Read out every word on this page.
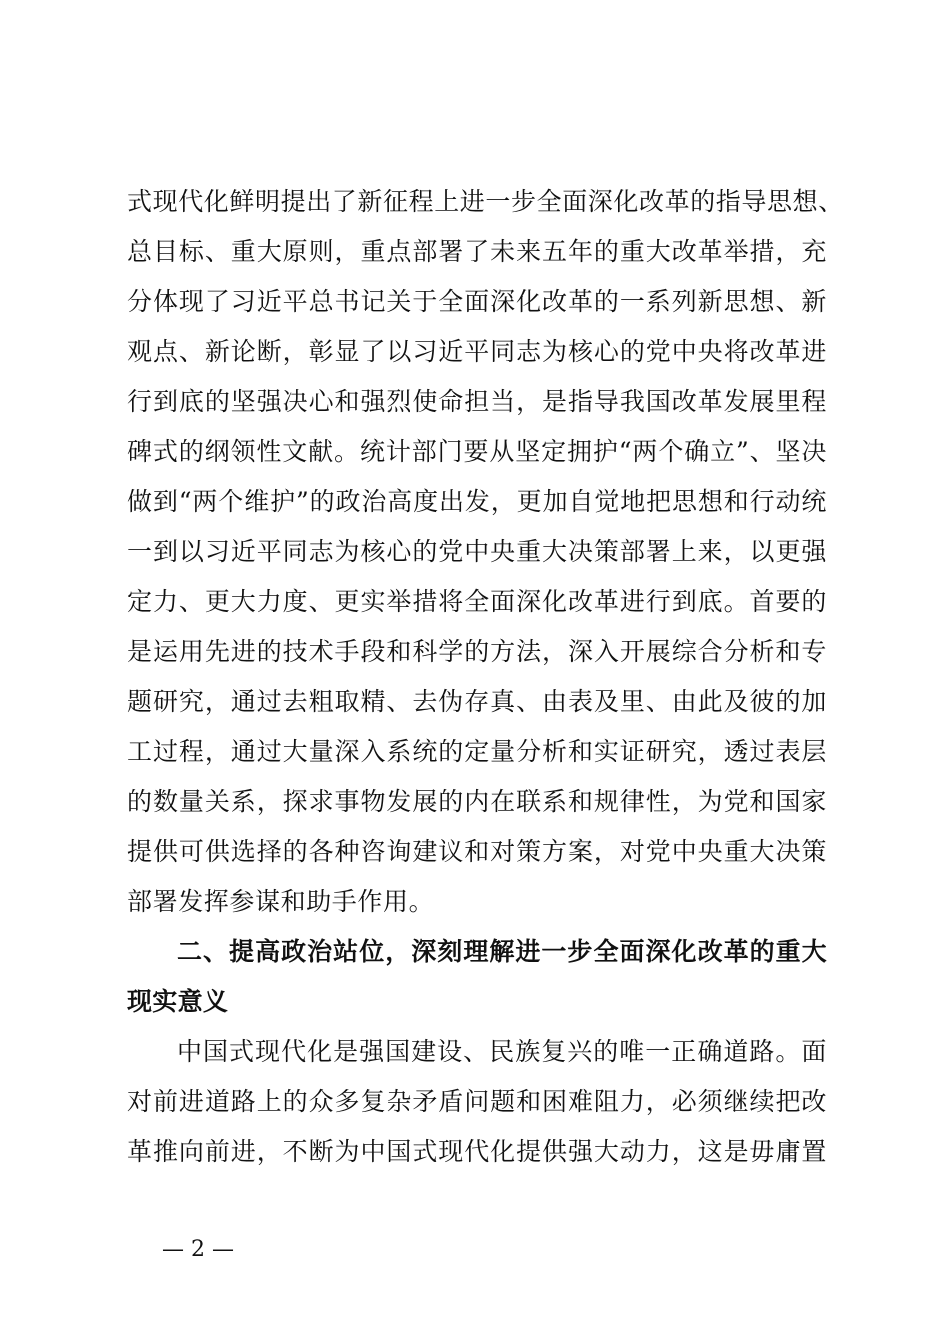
式现代化鲜明提出了新征程上进一步全面深化改革的指导思想、
总目标、重大原则，重点部署了未来五年的重大改革举措，充
分体现了习近平总书记关于全面深化改革的一系列新思想、新
观点、新论断，彰显了以习近平同志为核心的党中央将改革进
行到底的坚强决心和强烈使命担当，是指导我国改革发展里程
碑式的纲领性文献。统计部门要从坚定拥护“两个确立”、坚决
做到“两个维护”的政治高度出发，更加自觉地把思想和行动统
一到以习近平同志为核心的党中央重大决策部署上来，以更强
定力、更大力度、更实举措将全面深化改革进行到底。首要的
是运用先进的技术手段和科学的方法，深入开展综合分析和专
题研究，通过去粗取精、去伪存真、由表及里、由此及彼的加
工过程，通过大量深入系统的定量分析和实证研究，透过表层
的数量关系，探求事物发展的内在联系和规律性，为党和国家
提供可供选择的各种咨询建议和对策方案，对党中央重大决策
部署发挥参谋和助手作用。
二、提高政治站位，深刻理解进一步全面深化改革的重大
现实意义
中国式现代化是强国建设、民族复兴的唯一正确道路。面
对前进道路上的众多复杂矛盾问题和困难阻力，必须继续把改
革推向前进，不断为中国式现代化提供强大动力，这是毋庸置
— 2 —
